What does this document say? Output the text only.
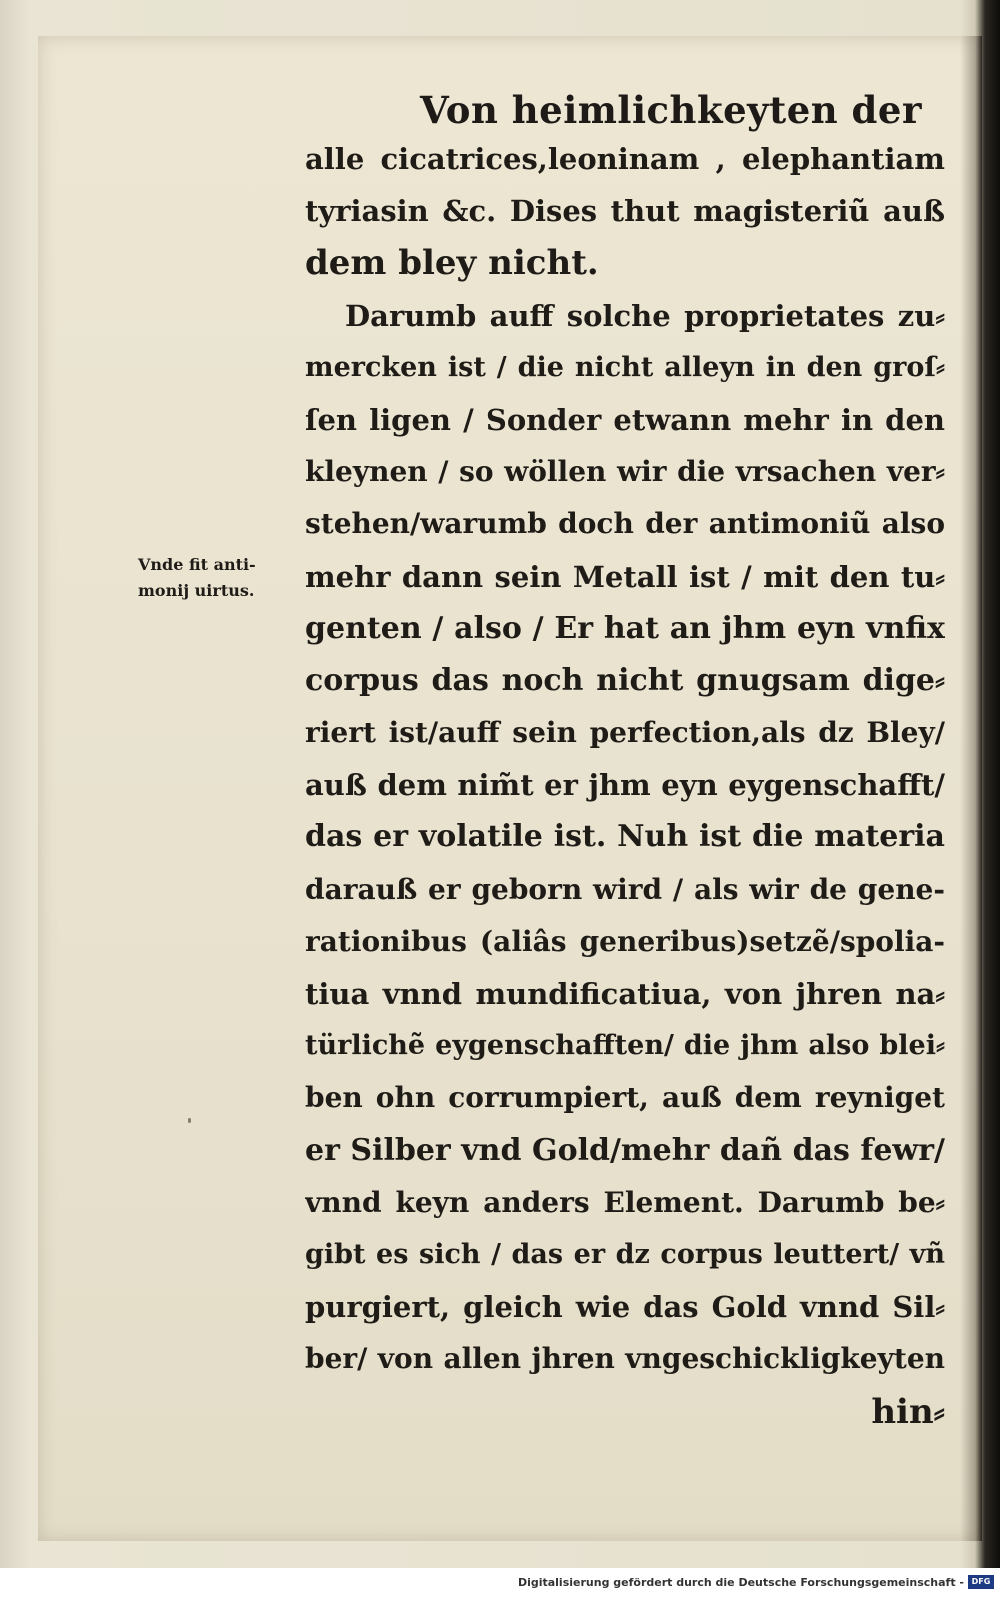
Von heimlichkeyten der
Vnde fit anti-
monij uirtus.
alle cicatrices,leoninam , elephantiam
tyriasin &c. Dises thut magisteriũ auß
dem bley nicht.
Darumb auff solche proprietates zu⸗
mercken ist / die nicht alleyn in den groſ⸗
ſen ligen / Sonder etwann mehr in den
kleynen / so wöllen wir die vrsachen ver⸗
stehen/warumb doch der antimoniũ also
mehr dann sein Metall ist / mit den tu⸗
genten / also / Er hat an jhm eyn vnfix
corpus das noch nicht gnugsam dige⸗
riert ist/auff sein perfection,als dz Bley/
auß dem nim̃t er jhm eyn eygenschafft/
das er volatile ist. Nuh ist die materia
darauß er geborn wird / als wir de gene-
rationibus (aliâs generibus)setzẽ/spolia-
tiua vnnd mundificatiua, von jhren na⸗
türlichẽ eygenschafften/ die jhm also blei⸗
ben ohn corrumpiert, auß dem reyniget
er Silber vnd Gold/mehr dañ das fewr/
vnnd keyn anders Element. Darumb be⸗
gibt es sich / das er dz corpus leuttert/ vñ
purgiert, gleich wie das Gold vnnd Sil⸗
ber/ von allen jhren vngeschickligkeyten
hin⸗
Digitalisierung gefördert durch die Deutsche Forschungsgemeinschaft - DFG
